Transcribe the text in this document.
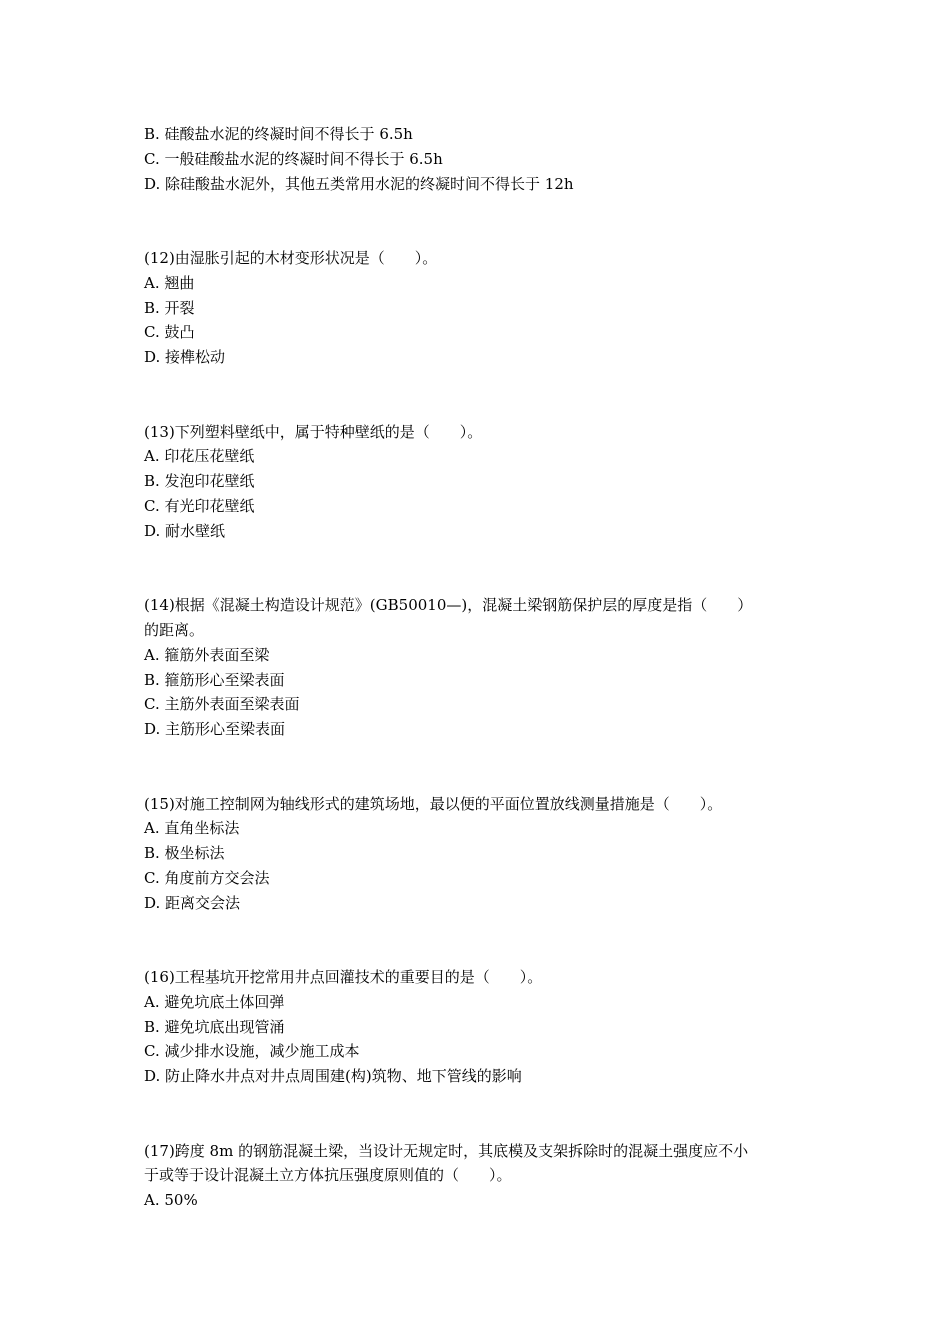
B. 硅酸盐水泥的终凝时间不得长于 6.5h
C. 一般硅酸盐水泥的终凝时间不得长于 6.5h
D. 除硅酸盐水泥外，其他五类常用水泥的终凝时间不得长于 12h
(12)由湿胀引起的木材变形状况是（　　）。
A. 翘曲
B. 开裂
C. 鼓凸
D. 接榫松动
(13)下列塑料壁纸中，属于特种壁纸的是（　　）。
A. 印花压花壁纸
B. 发泡印花壁纸
C. 有光印花壁纸
D. 耐水壁纸
(14)根据《混凝土构造设计规范》(GB50010—)，混凝土梁钢筋保护层的厚度是指（　　）
的距离。
A. 箍筋外表面至梁
B. 箍筋形心至梁表面
C. 主筋外表面至梁表面
D. 主筋形心至梁表面
(15)对施工控制网为轴线形式的建筑场地，最以便的平面位置放线测量措施是（　　）。
A. 直角坐标法
B. 极坐标法
C. 角度前方交会法
D. 距离交会法
(16)工程基坑开挖常用井点回灌技术的重要目的是（　　）。
A. 避免坑底土体回弹
B. 避免坑底出现管涌
C. 减少排水设施，减少施工成本
D. 防止降水井点对井点周围建(构)筑物、地下管线的影响
(17)跨度 8m 的钢筋混凝土梁，当设计无规定时，其底模及支架拆除时的混凝土强度应不小
于或等于设计混凝土立方体抗压强度原则值的（　　）。
A. 50%
